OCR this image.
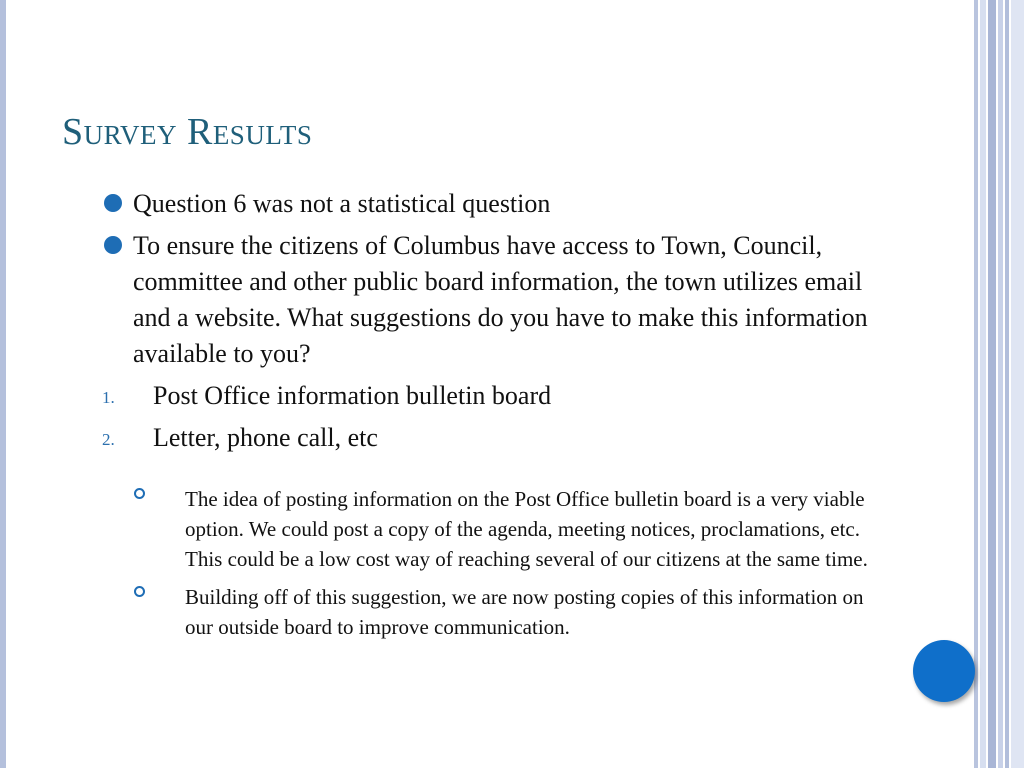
Survey Results
Question 6 was not a statistical question
To ensure the citizens of Columbus have access to Town, Council, committee and other public board information, the town utilizes email and a website. What suggestions do you have to make this information available to you?
1. Post Office information bulletin board
2. Letter, phone call, etc
The idea of posting information on the Post Office bulletin board is a very viable option. We could post a copy of the agenda, meeting notices, proclamations, etc. This could be a low cost way of reaching several of our citizens at the same time.
Building off of this suggestion, we are now posting copies of this information on our outside board to improve communication.
